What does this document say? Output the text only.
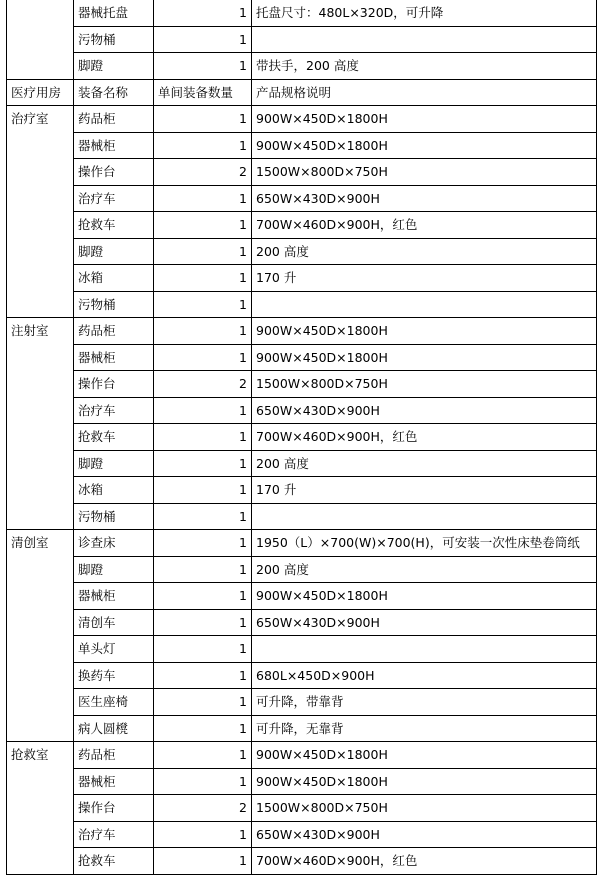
	器械托盘	1	托盘尺寸：480L×320D，可升降
	污物桶	1	
	脚蹬	1	带扶手，200 高度
医疗用房	装备名称	单间装备数量	产品规格说明
治疗室	药品柜	1	900W×450D×1800H
	器械柜	1	900W×450D×1800H
	操作台	2	1500W×800D×750H
	治疗车	1	650W×430D×900H
	抢救车	1	700W×460D×900H，红色
	脚蹬	1	200 高度
	冰箱	1	170 升
	污物桶	1	
注射室	药品柜	1	900W×450D×1800H
	器械柜	1	900W×450D×1800H
	操作台	2	1500W×800D×750H
	治疗车	1	650W×430D×900H
	抢救车	1	700W×460D×900H，红色
	脚蹬	1	200 高度
	冰箱	1	170 升
	污物桶	1	
清创室	诊查床	1	1950（L）×700(W)×700(H)，可安装一次性床垫卷筒纸
	脚蹬	1	200 高度
	器械柜	1	900W×450D×1800H
	清创车	1	650W×430D×900H
	单头灯	1	
	换药车	1	680L×450D×900H
	医生座椅	1	可升降，带靠背
	病人圆櫈	1	可升降，无靠背
抢救室	药品柜	1	900W×450D×1800H
	器械柜	1	900W×450D×1800H
	操作台	2	1500W×800D×750H
	治疗车	1	650W×430D×900H
	抢救车	1	700W×460D×900H，红色
